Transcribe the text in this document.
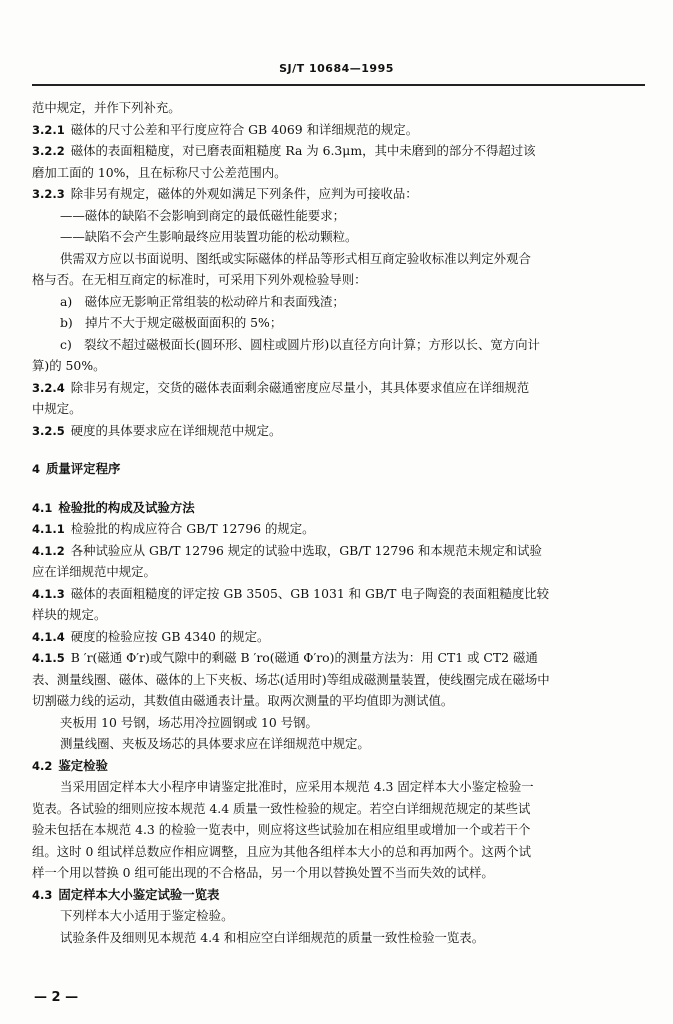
SJ/T 10684—1995
范中规定，并作下列补充。
3.2.1 磁体的尺寸公差和平行度应符合 GB 4069 和详细规范的规定。
3.2.2 磁体的表面粗糙度，对已磨表面粗糙度 Ra 为 6.3μm，其中未磨到的部分不得超过该
磨加工面的 10%，且在标称尺寸公差范围内。
3.2.3 除非另有规定，磁体的外观如满足下列条件，应判为可接收品：
——磁体的缺陷不会影响到商定的最低磁性能要求；
——缺陷不会产生影响最终应用装置功能的松动颗粒。
供需双方应以书面说明、图纸或实际磁体的样品等形式相互商定验收标准以判定外观合
格与否。在无相互商定的标准时，可采用下列外观检验导则：
a)　磁体应无影响正常组装的松动碎片和表面残渣；
b)　掉片不大于规定磁极面面积的 5%；
c)　裂纹不超过磁极面长(圆环形、圆柱或圆片形)以直径方向计算；方形以长、宽方向计
算)的 50%。
3.2.4 除非另有规定，交货的磁体表面剩余磁通密度应尽量小，其具体要求值应在详细规范
中规定。
3.2.5 硬度的具体要求应在详细规范中规定。
4 质量评定程序
4.1 检验批的构成及试验方法
4.1.1 检验批的构成应符合 GB/T 12796 的规定。
4.1.2 各种试验应从 GB/T 12796 规定的试验中选取，GB/T 12796 和本规范未规定和试验
应在详细规范中规定。
4.1.3 磁体的表面粗糙度的评定按 GB 3505、GB 1031 和 GB/T 电子陶瓷的表面粗糙度比较
样块的规定。
4.1.4 硬度的检验应按 GB 4340 的规定。
4.1.5 B ′r(磁通 Φ′r)或气隙中的剩磁 B ′ro(磁通 Φ′ro)的测量方法为：用 CT1 或 CT2 磁通
表、测量线圈、磁体、磁体的上下夹板、场芯(适用时)等组成磁测量装置，使线圈完成在磁场中
切割磁力线的运动，其数值由磁通表计量。取两次测量的平均值即为测试值。
夹板用 10 号钢，场芯用冷拉圆钢或 10 号钢。
测量线圈、夹板及场芯的具体要求应在详细规范中规定。
4.2 鉴定检验
当采用固定样本大小程序申请鉴定批准时，应采用本规范 4.3 固定样本大小鉴定检验一
览表。各试验的细则应按本规范 4.4 质量一致性检验的规定。若空白详细规范规定的某些试
验未包括在本规范 4.3 的检验一览表中，则应将这些试验加在相应组里或增加一个或若干个
组。这时 0 组试样总数应作相应调整，且应为其他各组样本大小的总和再加两个。这两个试
样一个用以替换 0 组可能出现的不合格品，另一个用以替换处置不当而失效的试样。
4.3 固定样本大小鉴定试验一览表
下列样本大小适用于鉴定检验。
试验条件及细则见本规范 4.4 和相应空白详细规范的质量一致性检验一览表。
— 2 —
